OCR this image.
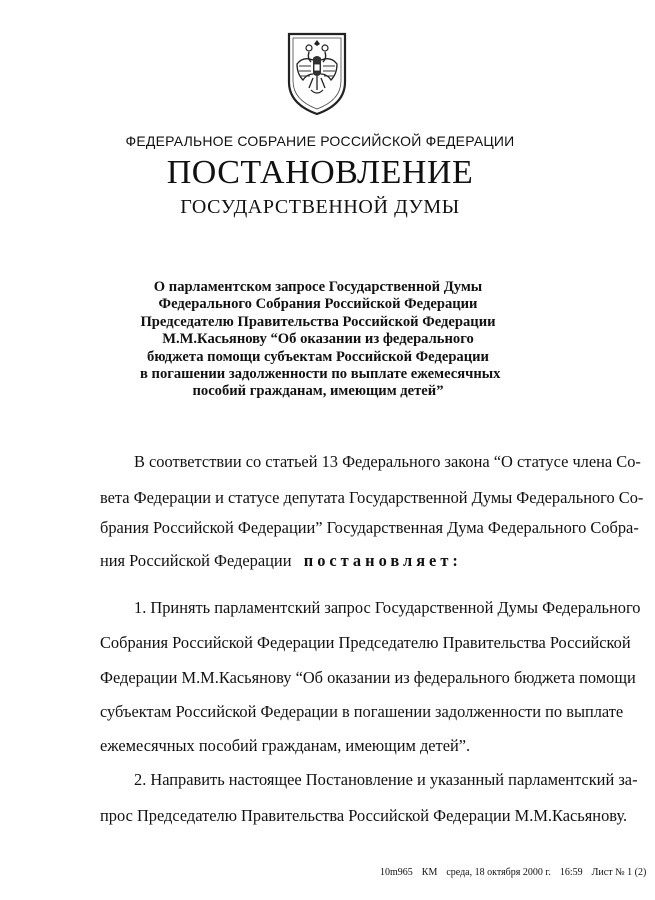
ФЕДЕРАЛЬНОЕ СОБРАНИЕ РОССИЙСКОЙ ФЕДЕРАЦИИ
ПОСТАНОВЛЕНИЕ
ГОСУДАРСТВЕННОЙ ДУМЫ
О парламентском запросе Государственной Думы
Федерального Собрания Российской Федерации
Председателю Правительства Российской Федерации
М.М.Касьянову “Об оказании из федерального
бюджета помощи субъектам Российской Федерации
в погашении задолженности по выплате ежемесячных
пособий гражданам, имеющим детей”
В соответствии со статьей 13 Федерального закона “О статусе члена Со-
вета Федерации и статусе депутата Государственной Думы Федерального Со-
брания Российской Федерации” Государственная Дума Федерального Собра-
ния Российской Федерации постановляет:
1. Принять парламентский запрос Государственной Думы Федерального
Собрания Российской Федерации Председателю Правительства Российской
Федерации М.М.Касьянову “Об оказании из федерального бюджета помощи
субъектам Российской Федерации в погашении задолженности по выплате
ежемесячных пособий гражданам, имеющим детей”.
2. Направить настоящее Постановление и указанный парламентский за-
прос Председателю Правительства Российской Федерации М.М.Касьянову.
10m965 КМ среда, 18 октября 2000 г. 16:59 Лист № 1 (2)
